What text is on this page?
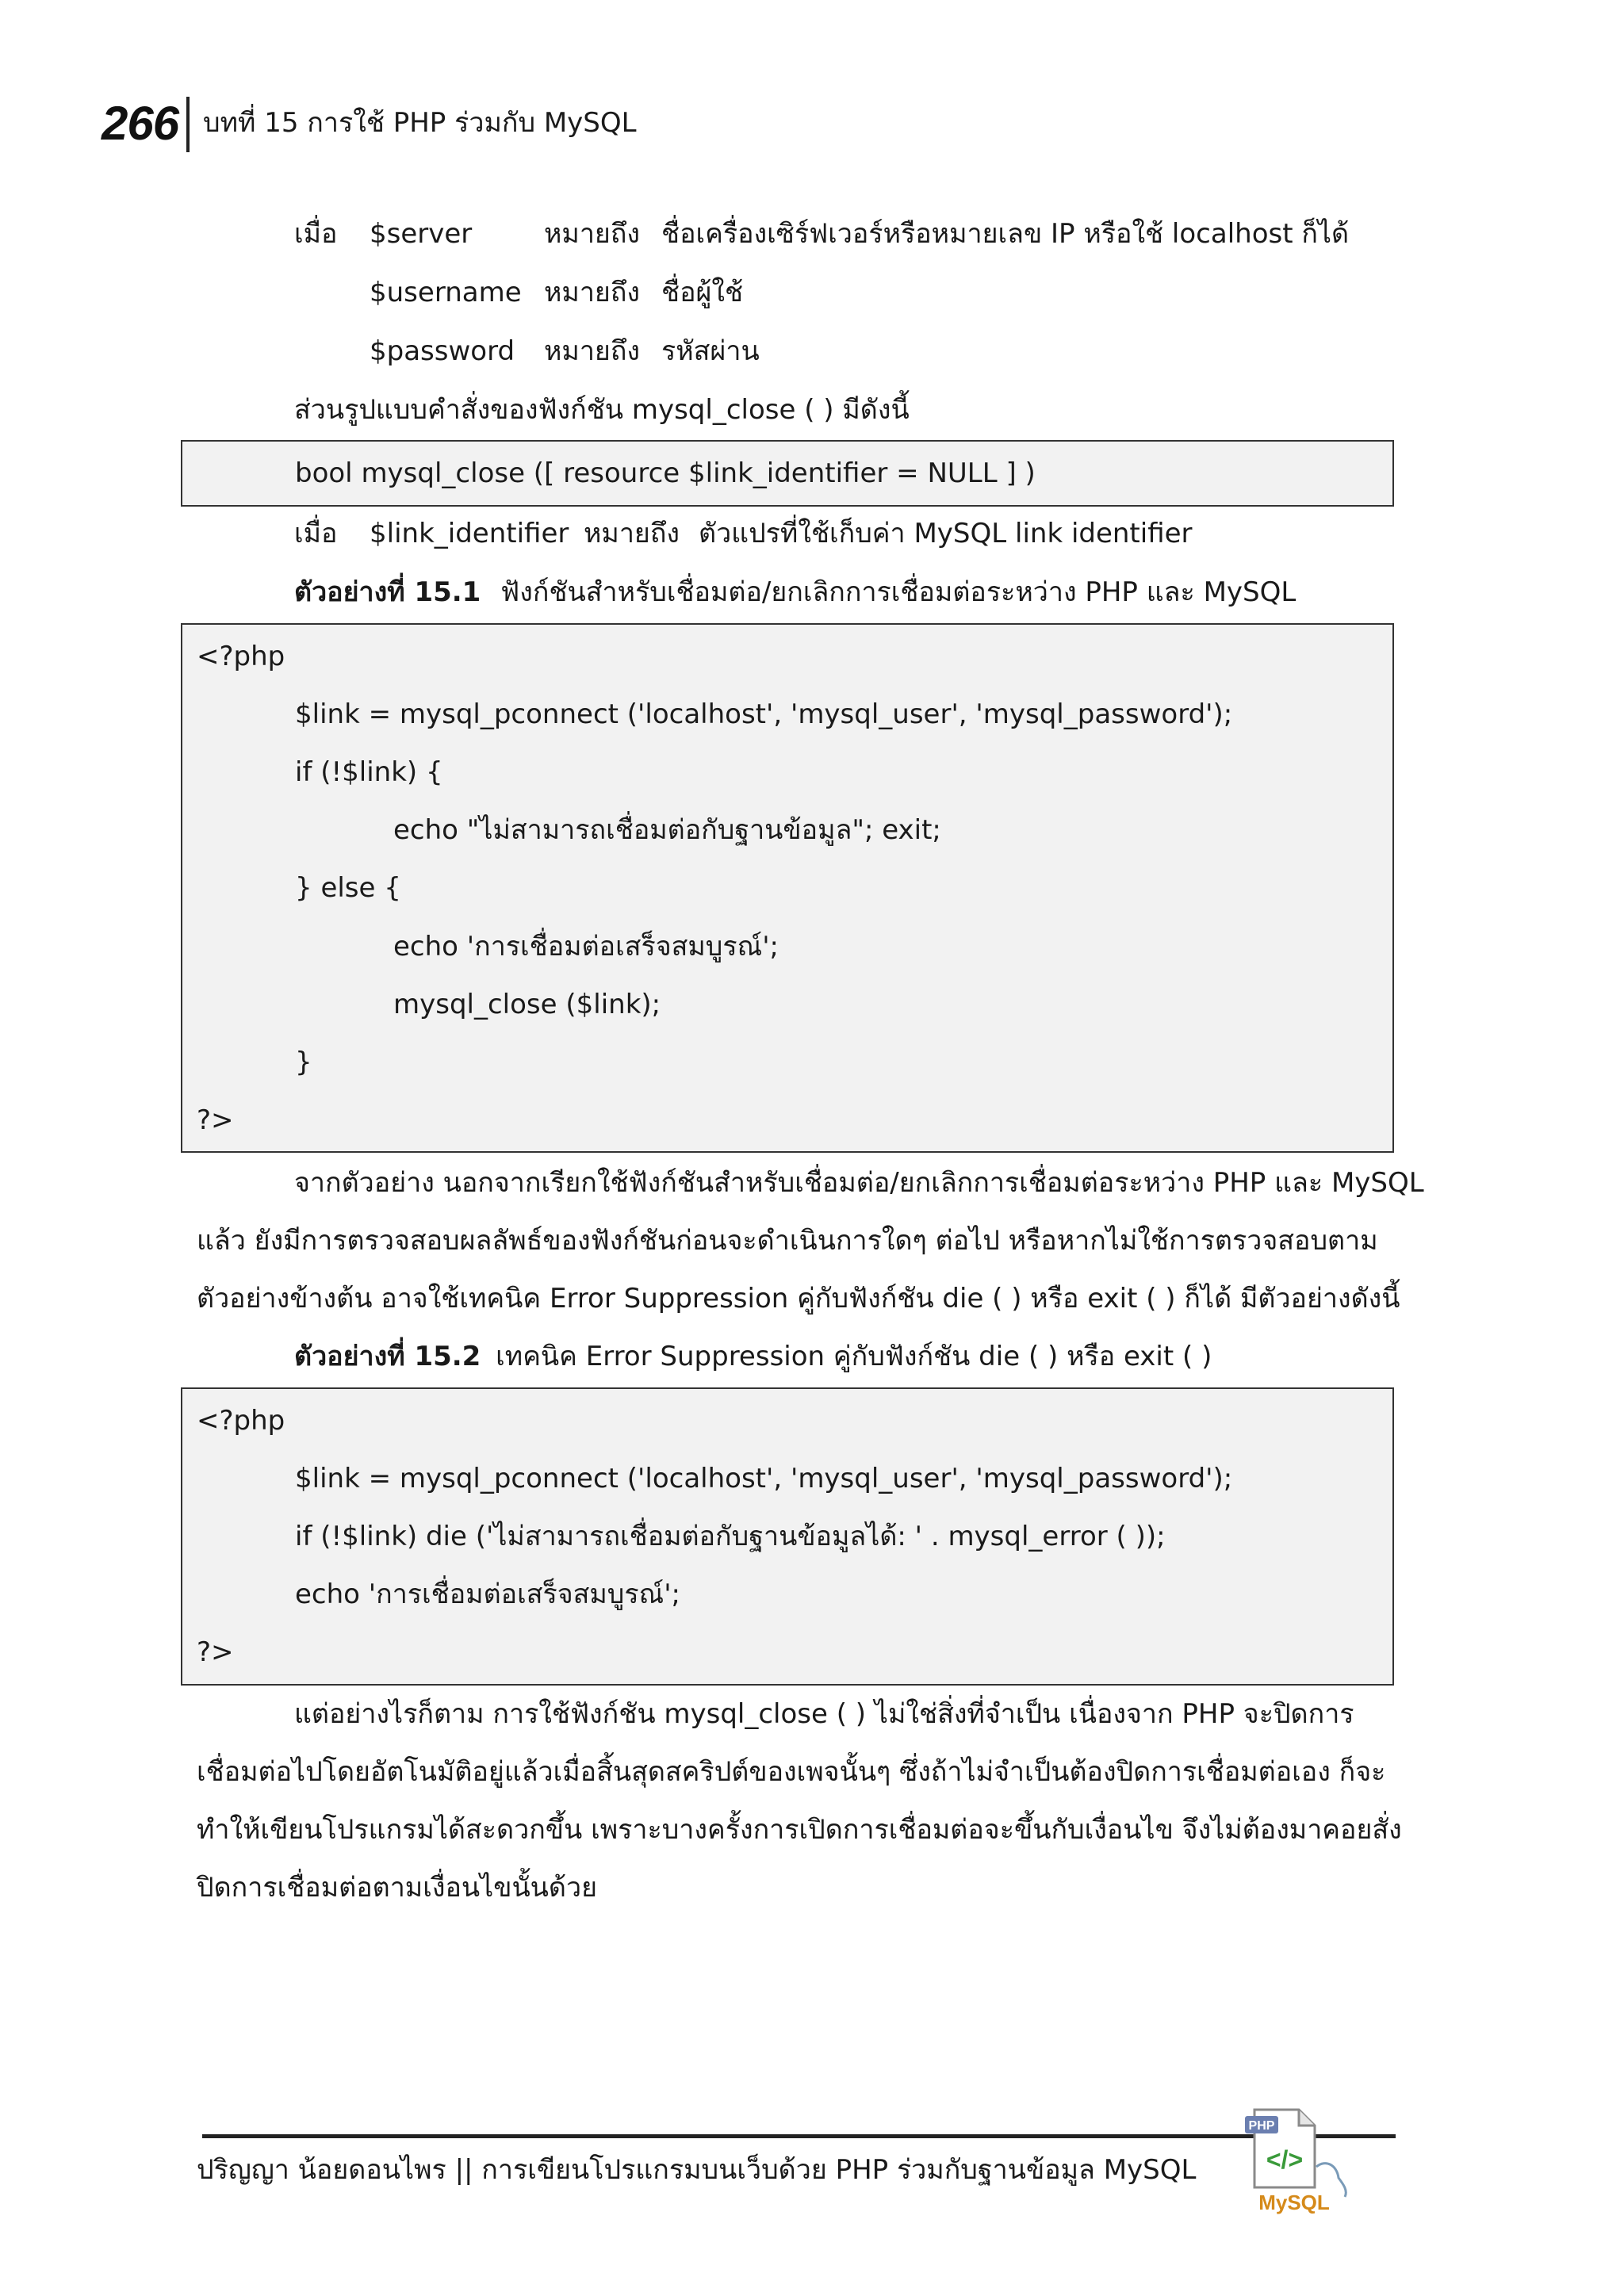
266 บทที่ 15 การใช้ PHP ร่วมกับ MySQL
เมื่อ $server	หมายถึง ชื่อเครื่องเซิร์ฟเวอร์หรือหมายเลข IP หรือใช้ localhost ก็ได้
$username หมายถึง ชื่อผู้ใช้
$password หมายถึง รหัสผ่าน
ส่วนรูปแบบคำสั่งของฟังก์ชัน mysql_close ( ) มีดังนี้
bool mysql_close ([ resource $link_identifier = NULL ] )
เมื่อ $link_identifier หมายถึง ตัวแปรที่ใช้เก็บค่า MySQL link identifier
ตัวอย่างที่ 15.1 ฟังก์ชันสำหรับเชื่อมต่อ/ยกเลิกการเชื่อมต่อระหว่าง PHP และ MySQL
<?php
$link = mysql_pconnect ('localhost', 'mysql_user', 'mysql_password');
if (!$link) {
echo "ไม่สามารถเชื่อมต่อกับฐานข้อมูล"; exit;
} else {
echo 'การเชื่อมต่อเสร็จสมบูรณ์';
mysql_close ($link);
}
?>
จากตัวอย่าง นอกจากเรียกใช้ฟังก์ชันสำหรับเชื่อมต่อ/ยกเลิกการเชื่อมต่อระหว่าง PHP และ MySQL
แล้ว ยังมีการตรวจสอบผลลัพธ์ของฟังก์ชันก่อนจะดำเนินการใดๆ ต่อไป หรือหากไม่ใช้การตรวจสอบตาม
ตัวอย่างข้างต้น อาจใช้เทคนิค Error Suppression คู่กับฟังก์ชัน die ( ) หรือ exit ( ) ก็ได้ มีตัวอย่างดังนี้
ตัวอย่างที่ 15.2 เทคนิค Error Suppression คู่กับฟังก์ชัน die ( ) หรือ exit ( )
<?php
$link = mysql_pconnect ('localhost', 'mysql_user', 'mysql_password');
if (!$link) die ('ไม่สามารถเชื่อมต่อกับฐานข้อมูลได้: ' . mysql_error ( ));
echo 'การเชื่อมต่อเสร็จสมบูรณ์';
?>
แต่อย่างไรก็ตาม การใช้ฟังก์ชัน mysql_close ( ) ไม่ใช่สิ่งที่จำเป็น เนื่องจาก PHP จะปิดการ
เชื่อมต่อไปโดยอัตโนมัติอยู่แล้วเมื่อสิ้นสุดสคริปต์ของเพจนั้นๆ ซึ่งถ้าไม่จำเป็นต้องปิดการเชื่อมต่อเอง ก็จะ
ทำให้เขียนโปรแกรมได้สะดวกขึ้น เพราะบางครั้งการเปิดการเชื่อมต่อจะขึ้นกับเงื่อนไข จึงไม่ต้องมาคอยสั่ง
ปิดการเชื่อมต่อตามเงื่อนไขนั้นด้วย
ปริญญา น้อยดอนไพร || การเขียนโปรแกรมบนเว็บด้วย PHP ร่วมกับฐานข้อมูล MySQL
PHP
</>
MySQL
